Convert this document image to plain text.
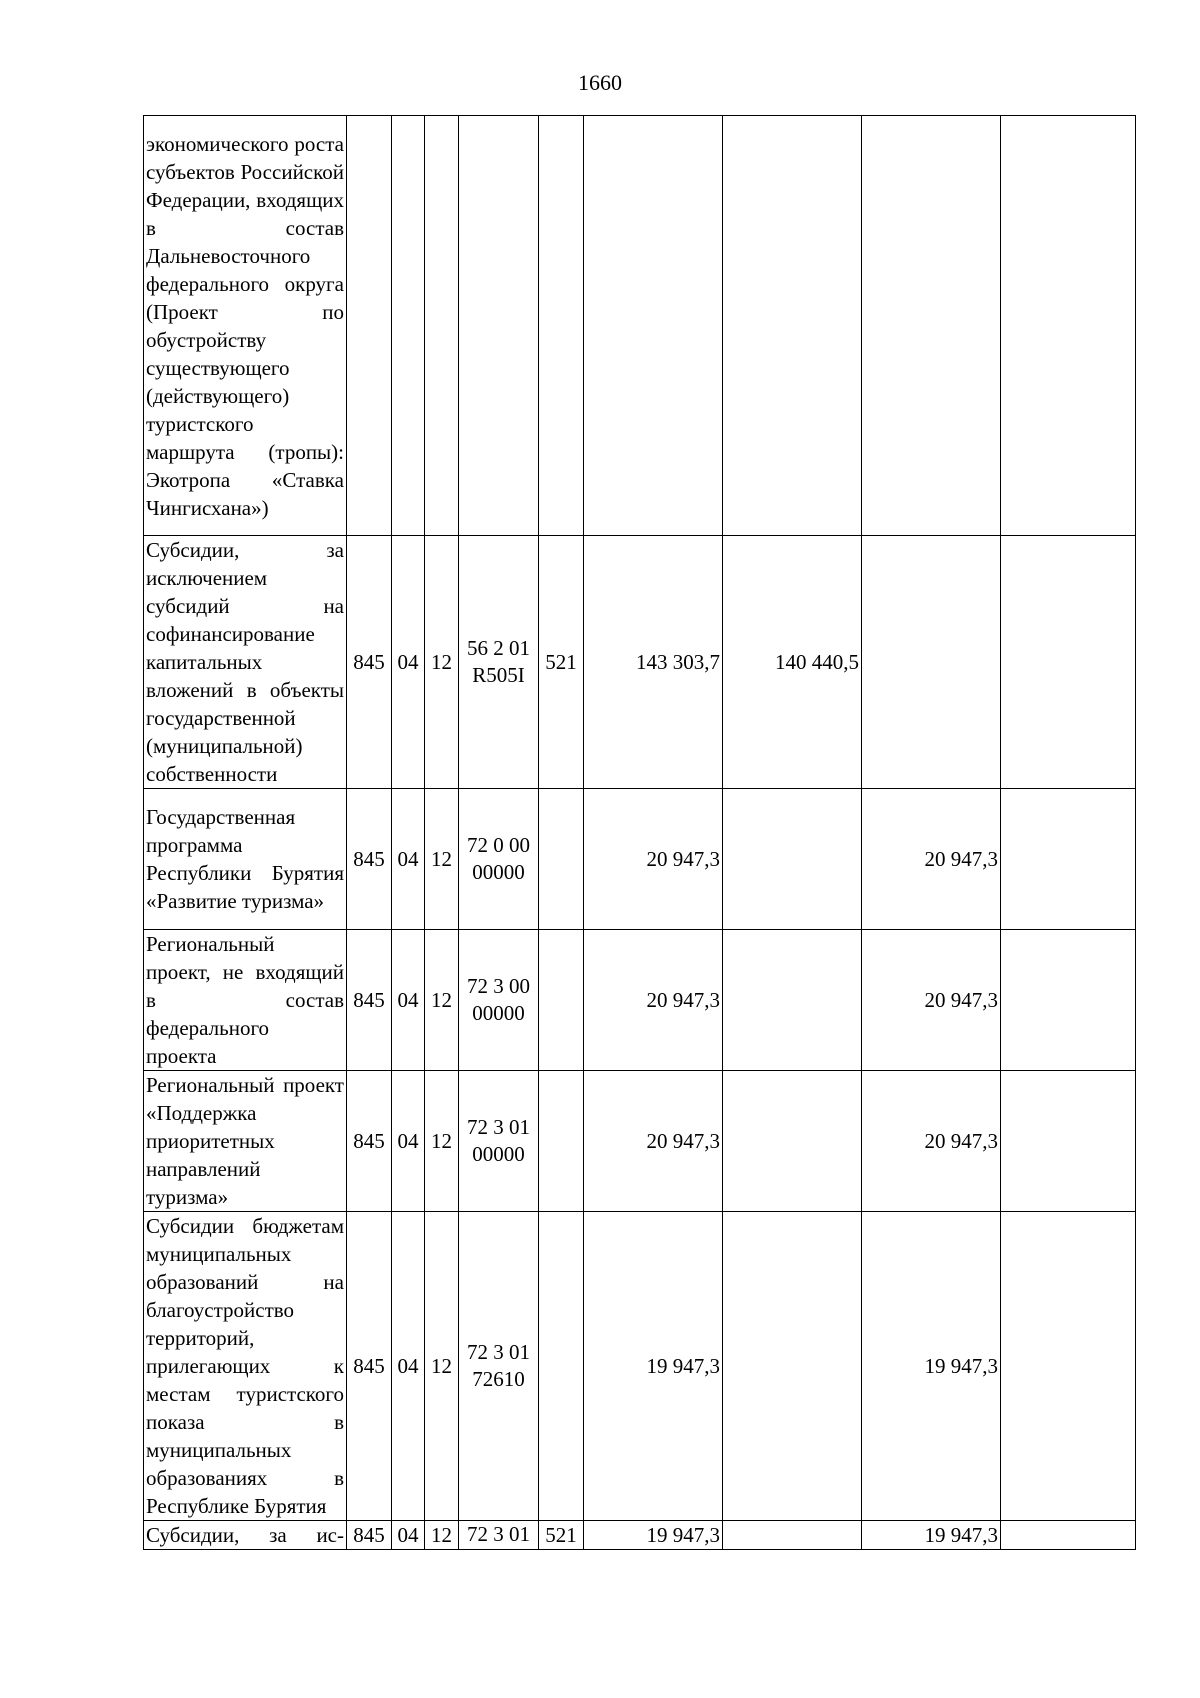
1660
экономического роста субъектов Российской Федерации, входящих в состав Дальневосточного федерального округа (Проект по обустройству существующего (действующего) туристского маршрута (тропы): Экотропа «Ставка Чингисхана»)									
Субсидии, за исключением субсидий на софинансирование капитальных вложений в объекты государственной (муниципальной) собственности	845	04	12	56 2 01 R505I	521	143 303,7	140 440,5		
Государственная программа Республики Бурятия «Развитие туризма»	845	04	12	72 0 00 00000		20 947,3		20 947,3	
Региональный проект, не входящий в состав федерального проекта	845	04	12	72 3 00 00000		20 947,3		20 947,3	
Региональный проект «Поддержка приоритетных направлений туризма»	845	04	12	72 3 01 00000		20 947,3		20 947,3	
Субсидии бюджетам муниципальных образований на благоустройство территорий, прилегающих к местам туристского показа в муниципальных образованиях в Республике Бурятия	845	04	12	72 3 01 72610		19 947,3		19 947,3	
Субсидии, за ис-	845	04	12	72 3 01	521	19 947,3		19 947,3	
